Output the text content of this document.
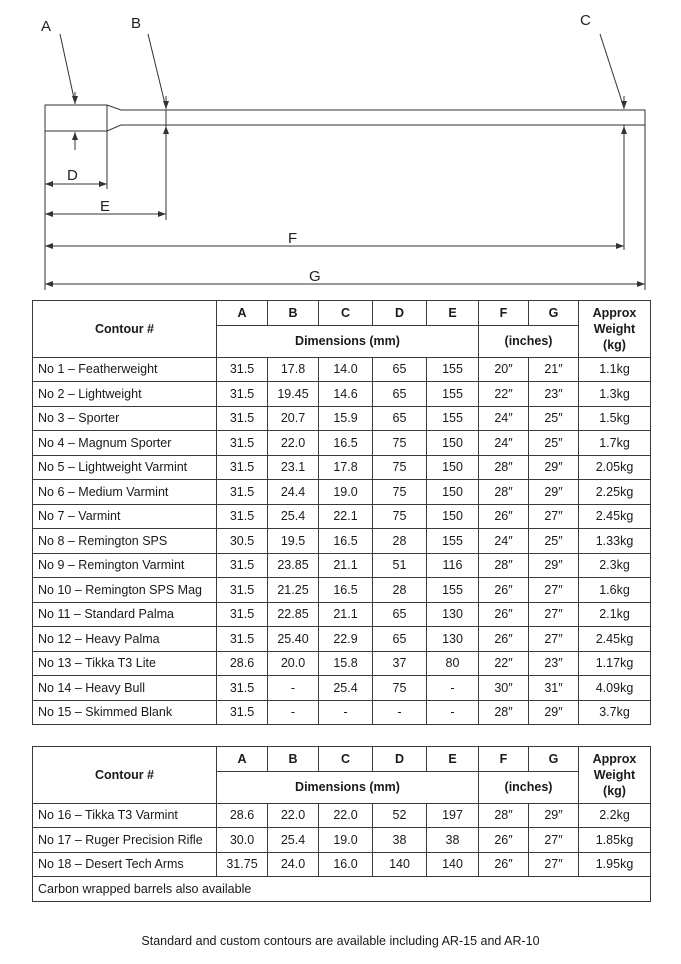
A	B	C
D
E
F
G
Contour #	A	B	C	D	E	F	G	Approx
Weight
(kg)
	Dimensions (mm)					(inches)		
No 1 – Featherweight	31.5	17.8	14.0	65	155	20″	21″	1.1kg
No 2 – Lightweight	31.5	19.45	14.6	65	155	22″	23″	1.3kg
No 3 – Sporter	31.5	20.7	15.9	65	155	24″	25″	1.5kg
No 4 – Magnum Sporter	31.5	22.0	16.5	75	150	24″	25″	1.7kg
No 5 – Lightweight Varmint	31.5	23.1	17.8	75	150	28″	29″	2.05kg
No 6 – Medium Varmint	31.5	24.4	19.0	75	150	28″	29″	2.25kg
No 7 – Varmint	31.5	25.4	22.1	75	150	26″	27″	2.45kg
No 8 – Remington SPS	30.5	19.5	16.5	28	155	24″	25″	1.33kg
No 9 – Remington Varmint	31.5	23.85	21.1	51	116	28″	29″	2.3kg
No 10 – Remington SPS Mag	31.5	21.25	16.5	28	155	26″	27″	1.6kg
No 11 – Standard Palma	31.5	22.85	21.1	65	130	26″	27″	2.1kg
No 12 – Heavy Palma	31.5	25.40	22.9	65	130	26″	27″	2.45kg
No 13 – Tikka T3 Lite	28.6	20.0	15.8	37	80	22″	23″	1.17kg
No 14 – Heavy Bull	31.5	-	25.4	75	-	30″	31″	4.09kg
No 15 – Skimmed Blank	31.5	-	-	-	-	28″	29″	3.7kg
Contour #	A	B	C	D	E	F	G	Approx
Weight
(kg)
	Dimensions (mm)					(inches)		
No 16 – Tikka T3 Varmint	28.6	22.0	22.0	52	197	28″	29″	2.2kg
No 17 – Ruger Precision Rifle	30.0	25.4	19.0	38	38	26″	27″	1.85kg
No 18 – Desert Tech Arms	31.75	24.0	16.0	140	140	26″	27″	1.95kg
Carbon wrapped barrels also available								
Standard and custom contours are available including AR-15 and AR-10
